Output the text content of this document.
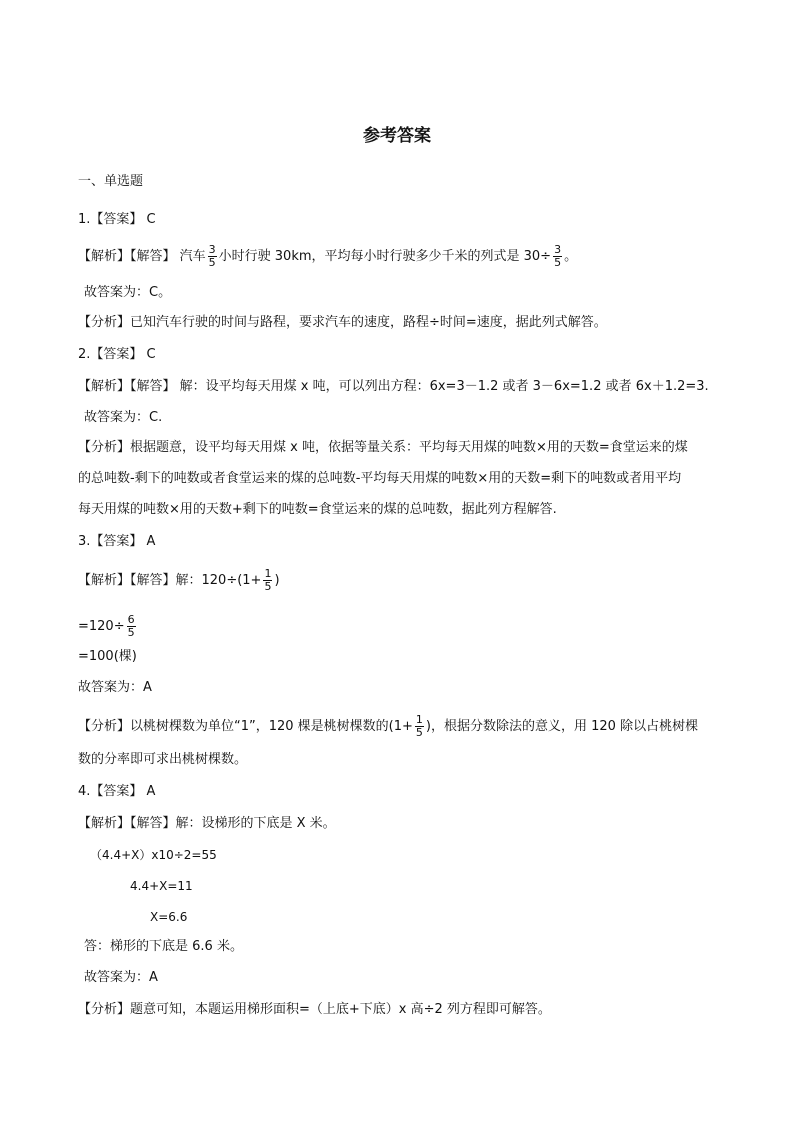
参考答案
一、单选题
1.【答案】 C
【解析】【解答】 汽车 $\frac{3}{5}$ 小时行驶 30km，平均每小时行驶多少千米的列式是 $30\div \frac{3}{5}$ 。
故答案为：C。
【分析】已知汽车行驶的时间与路程，要求汽车的速度，路程÷时间=速度，据此列式解答。
2.【答案】 C
【解析】【解答】 解：设平均每天用煤 x 吨，可以列出方程：6x=3－1.2 或者 3－6x=1.2 或者 6x＋1.2=3.
故答案为：C.
【分析】根据题意，设平均每天用煤 x 吨，依据等量关系：平均每天用煤的吨数×用的天数=食堂运来的煤
的总吨数-剩下的吨数或者食堂运来的煤的总吨数-平均每天用煤的吨数×用的天数=剩下的吨数或者用平均
每天用煤的吨数×用的天数+剩下的吨数=食堂运来的煤的总吨数，据此列方程解答.
3.【答案】 A
【解析】【解答】解：$120\div(1+ \frac{1}{5}$ )
$=120\div \frac{6}{5}$
=100(棵)
故答案为：A
【分析】以桃树棵数为单位“1”，120 棵是桃树棵数的($1+ \frac{1}{5}$ )，根据分数除法的意义，用 120 除以占桃树棵
数的分率即可求出桃树棵数。
4.【答案】 A
【解析】【解答】解：设梯形的下底是 X 米。
（4.4+X）x10÷2=55
4.4+X=11
X=6.6
答：梯形的下底是 6.6 米。
故答案为：A
【分析】题意可知，本题运用梯形面积=（上底+下底）x 高÷2 列方程即可解答。
